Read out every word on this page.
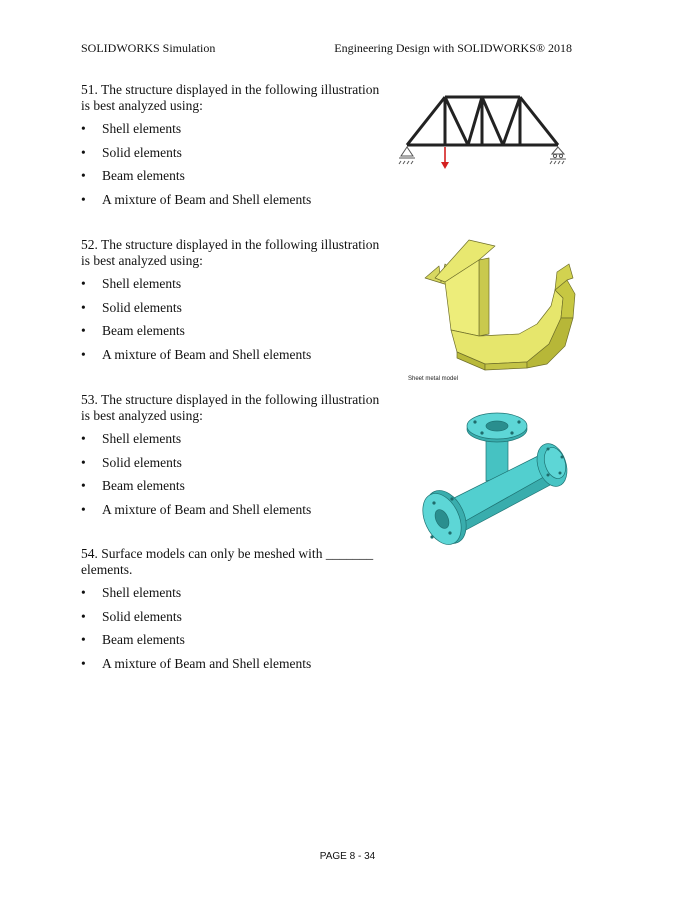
SOLIDWORKS Simulation	Engineering Design with SOLIDWORKS® 2018
51. The structure displayed in the following illustration is best analyzed using:
• Shell elements
• Solid elements
• Beam elements
• A mixture of Beam and Shell elements
52. The structure displayed in the following illustration is best analyzed using:
• Shell elements
• Solid elements
• Beam elements
• A mixture of Beam and Shell elements
Sheet metal model
53. The structure displayed in the following illustration is best analyzed using:
• Shell elements
• Solid elements
• Beam elements
• A mixture of Beam and Shell elements
54. Surface models can only be meshed with _______ elements.
• Shell elements
• Solid elements
• Beam elements
• A mixture of Beam and Shell elements
PAGE 8 - 34
